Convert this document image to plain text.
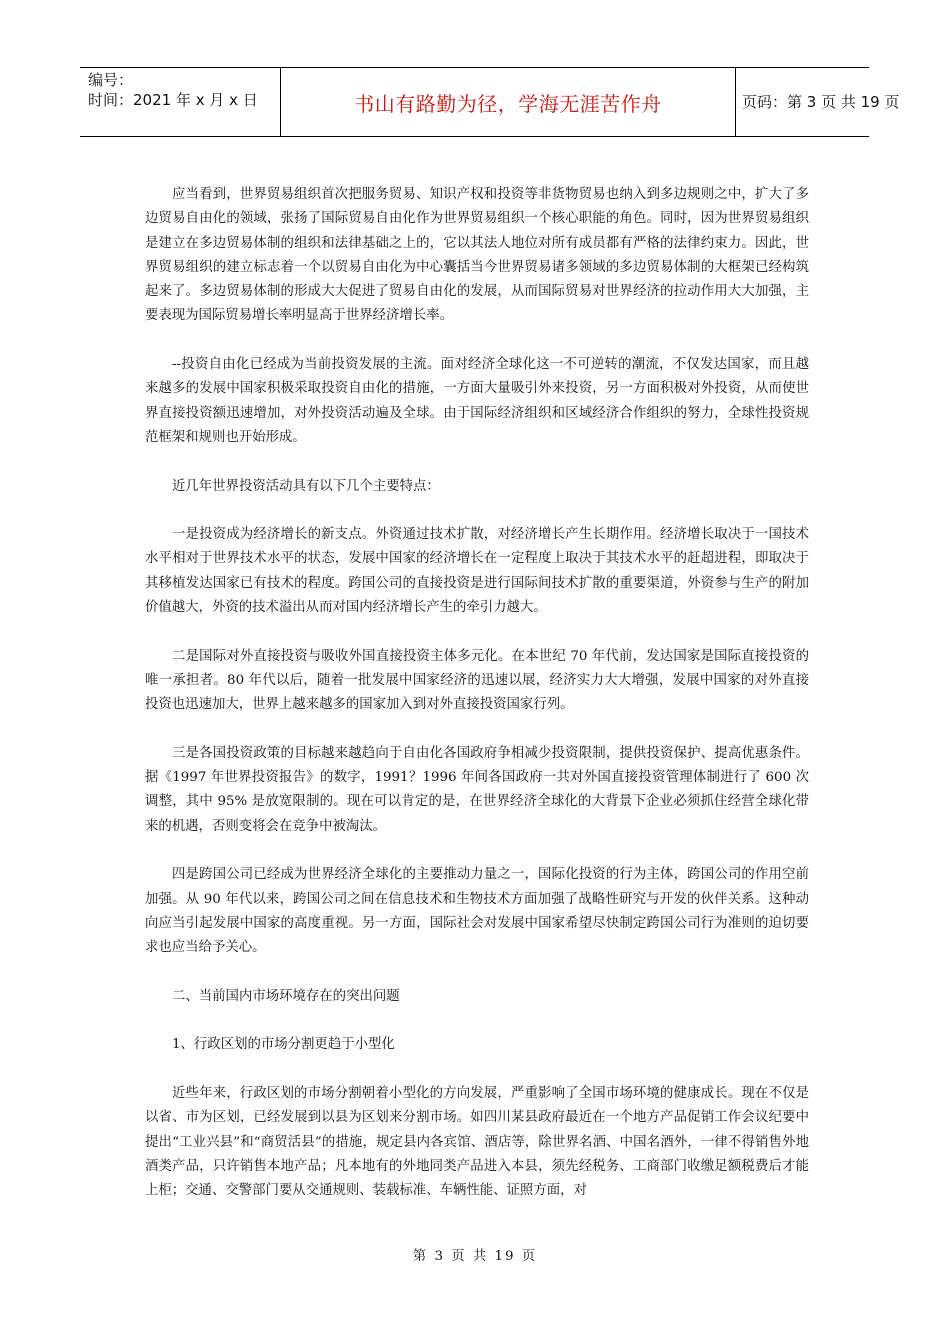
编号：
时间：2021 年 x 月 x 日	书山有路勤为径，学海无涯苦作舟	页码：第 3 页 共 19 页

应当看到，世界贸易组织首次把服务贸易、知识产权和投资等非货物贸易也纳入到多边规则之中，扩大了多边贸易自由化的领域，张扬了国际贸易自由化作为世界贸易组织一个核心职能的角色。同时，因为世界贸易组织是建立在多边贸易体制的组织和法律基础之上的，它以其法人地位对所有成员都有严格的法律约束力。因此，世界贸易组织的建立标志着一个以贸易自由化为中心囊括当今世界贸易诸多领域的多边贸易体制的大框架已经构筑起来了。多边贸易体制的形成大大促进了贸易自由化的发展，从而国际贸易对世界经济的拉动作用大大加强，主要表现为国际贸易增长率明显高于世界经济增长率。

--投资自由化已经成为当前投资发展的主流。面对经济全球化这一不可逆转的潮流，不仅发达国家，而且越来越多的发展中国家积极采取投资自由化的措施，一方面大量吸引外来投资，另一方面积极对外投资，从而使世界直接投资额迅速增加，对外投资活动遍及全球。由于国际经济组织和区域经济合作组织的努力，全球性投资规范框架和规则也开始形成。

近几年世界投资活动具有以下几个主要特点：

一是投资成为经济增长的新支点。外资通过技术扩散，对经济增长产生长期作用。经济增长取决于一国技术水平相对于世界技术水平的状态，发展中国家的经济增长在一定程度上取决于其技术水平的赶超进程，即取决于其移植发达国家已有技术的程度。跨国公司的直接投资是进行国际间技术扩散的重要渠道，外资参与生产的附加价值越大，外资的技术溢出从而对国内经济增长产生的牵引力越大。

二是国际对外直接投资与吸收外国直接投资主体多元化。在本世纪 70 年代前，发达国家是国际直接投资的唯一承担者。80 年代以后，随着一批发展中国家经济的迅速以展，经济实力大大增强，发展中国家的对外直接投资也迅速加大，世界上越来越多的国家加入到对外直接投资国家行列。

三是各国投资政策的目标越来越趋向于自由化各国政府争相减少投资限制，提供投资保护、提高优惠条件。据《1997 年世界投资报告》的数字，1991？1996 年间各国政府一共对外国直接投资管理体制进行了 600 次调整，其中 95% 是放宽限制的。现在可以肯定的是，在世界经济全球化的大背景下企业必须抓住经营全球化带来的机遇，否则变将会在竞争中被淘汰。

四是跨国公司已经成为世界经济全球化的主要推动力量之一，国际化投资的行为主体，跨国公司的作用空前加强。从 90 年代以来，跨国公司之间在信息技术和生物技术方面加强了战略性研究与开发的伙伴关系。这种动向应当引起发展中国家的高度重视。另一方面，国际社会对发展中国家希望尽快制定跨国公司行为准则的迫切要求也应当给予关心。

二、当前国内市场环境存在的突出问题

1、行政区划的市场分割更趋于小型化

近些年来，行政区划的市场分割朝着小型化的方向发展，严重影响了全国市场环境的健康成长。现在不仅是以省、市为区划，已经发展到以县为区划来分割市场。如四川某县政府最近在一个地方产品促销工作会议纪要中提出“工业兴县”和“商贸活县”的措施，规定县内各宾馆、酒店等，除世界名酒、中国名酒外，一律不得销售外地酒类产品，只许销售本地产品；凡本地有的外地同类产品进入本县，须先经税务、工商部门收缴足额税费后才能上柜；交通、交警部门要从交通规则、装载标准、车辆性能、证照方面，对

第 3 页 共 19 页
